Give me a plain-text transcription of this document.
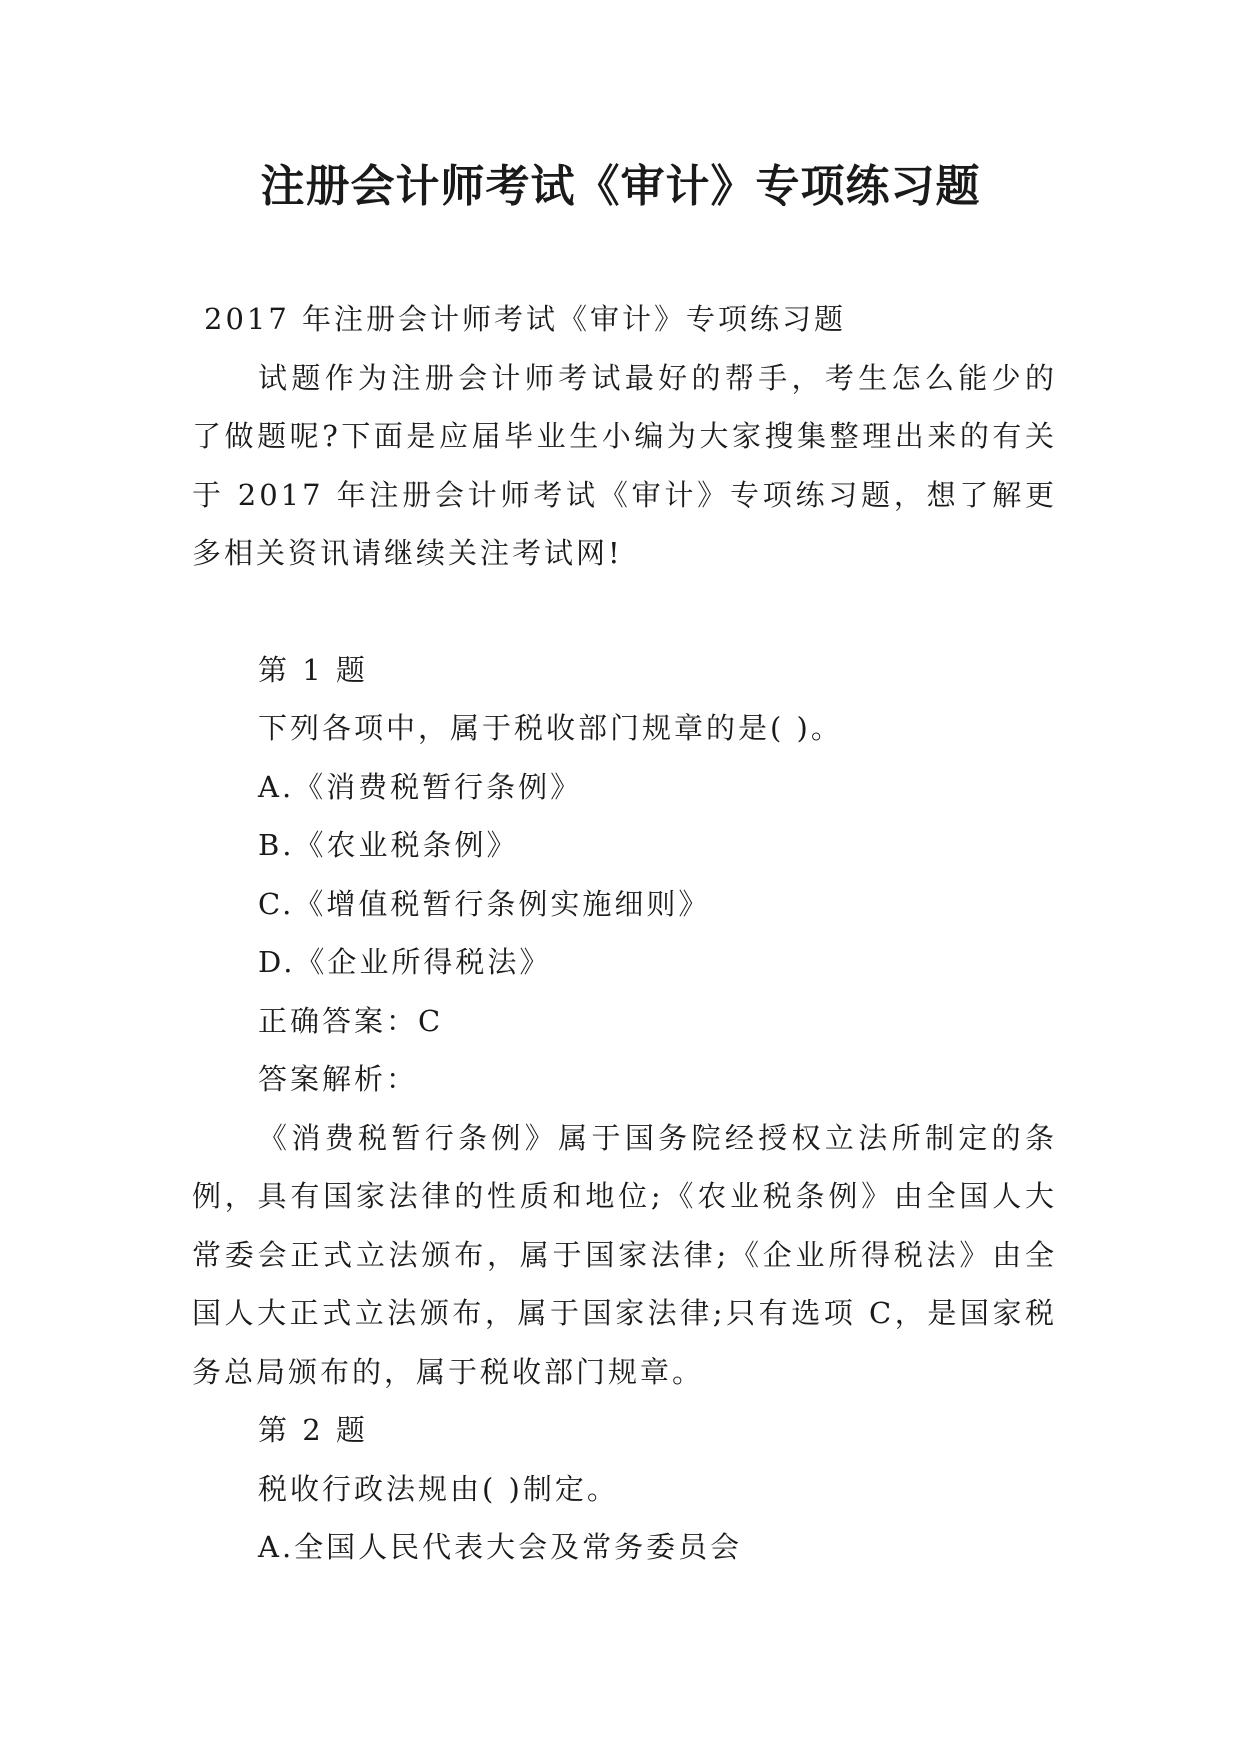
注册会计师考试《审计》专项练习题

2017 年注册会计师考试《审计》专项练习题

试题作为注册会计师考试最好的帮手，考生怎么能少的了做题呢?下面是应届毕业生小编为大家搜集整理出来的有关于 2017 年注册会计师考试《审计》专项练习题，想了解更多相关资讯请继续关注考试网!

第 1 题

下列各项中，属于税收部门规章的是( )。

A.《消费税暂行条例》

B.《农业税条例》

C.《增值税暂行条例实施细则》

D.《企业所得税法》

正确答案：C

答案解析：

《消费税暂行条例》属于国务院经授权立法所制定的条例，具有国家法律的性质和地位;《农业税条例》由全国人大常委会正式立法颁布，属于国家法律;《企业所得税法》由全国人大正式立法颁布，属于国家法律;只有选项 C，是国家税务总局颁布的，属于税收部门规章。

第 2 题

税收行政法规由( )制定。

A.全国人民代表大会及常务委员会
